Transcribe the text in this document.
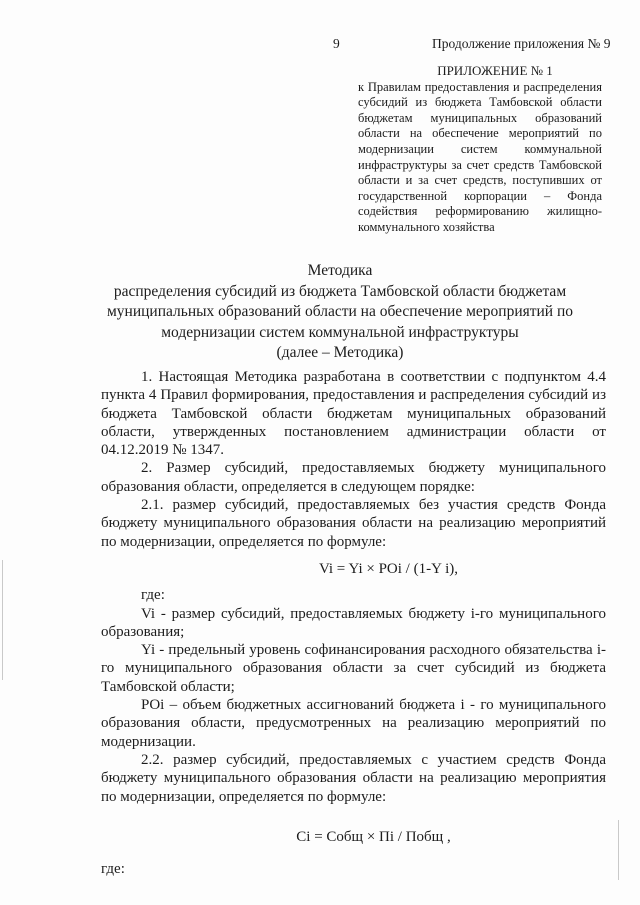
9	Продолжение приложения № 9

ПРИЛОЖЕНИЕ № 1

к Правилам предоставления и распределения субсидий из бюджета Тамбовской области бюджетам муниципальных образований области на обеспечение мероприятий по модернизации систем коммунальной инфраструктуры за счет средств Тамбовской области и за счет средств, поступивших от государственной корпорации – Фонда содействия реформированию жилищно-коммунального хозяйства

Методика

распределения субсидий из бюджета Тамбовской области бюджетам

муниципальных образований области на обеспечение мероприятий по

модернизации систем коммунальной инфраструктуры

(далее – Методика)

1. Настоящая Методика разработана в соответствии с подпунктом 4.4 пункта 4 Правил формирования, предоставления и распределения субсидий из бюджета Тамбовской области бюджетам муниципальных образований области, утвержденных постановлением администрации области от 04.12.2019 № 1347.

2. Размер субсидий, предоставляемых бюджету муниципального образования области, определяется в следующем порядке:

2.1. размер субсидий, предоставляемых без участия средств Фонда бюджету муниципального образования области на реализацию мероприятий по модернизации, определяется по формуле:

Vi = Yi × POi / (1-Y i),

где:

Vi - размер субсидий, предоставляемых бюджету i-го муниципального образования;

Yi - предельный уровень софинансирования расходного обязательства i-го муниципального образования области за счет субсидий из бюджета Тамбовской области;

POi – объем бюджетных ассигнований бюджета i - го муниципального образования области, предусмотренных на реализацию мероприятий по модернизации.

2.2. размер субсидий, предоставляемых с участием средств Фонда бюджету муниципального образования области на реализацию мероприятия по модернизации, определяется по формуле:

Ci = Cобщ × Пi / Побщ ,

где:
